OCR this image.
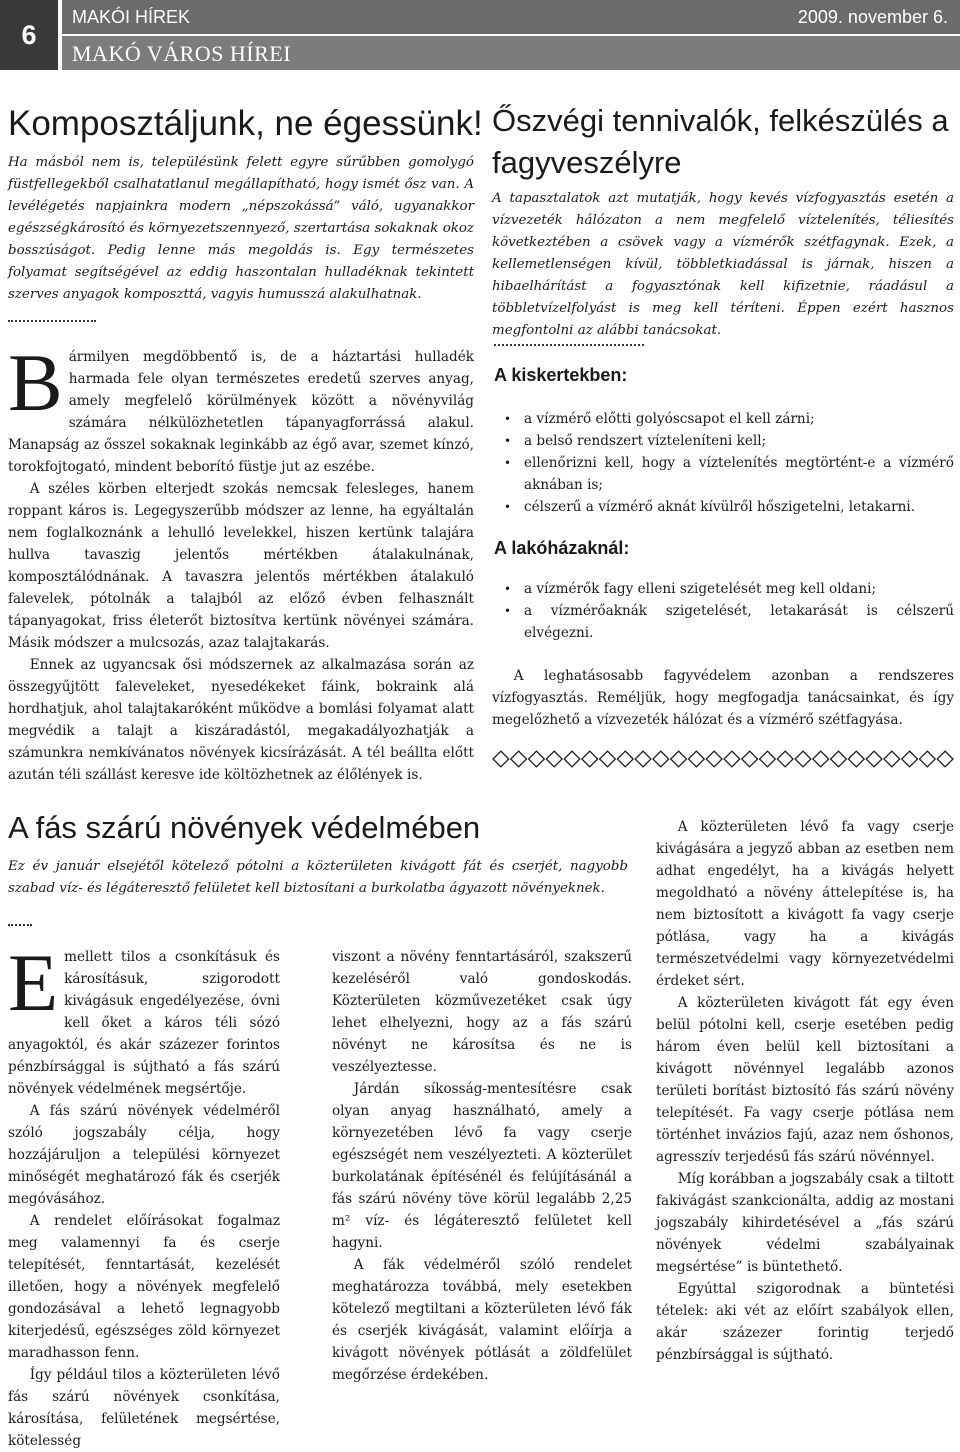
6
MAKÓI HÍREK	2009. november 6.
MAKÓ VÁROS HÍREI
Komposztáljunk, ne égessünk!

Ha másból nem is, településünk felett egyre sűrűbben gomolygó füstfellegekből csalhatatlanul megállapítható, hogy ismét ősz van. A levélégetés napjainkra modern „népszokássá” váló, ugyanakkor egészségkárosító és környezetszennyező, szertartása sokaknak okoz bosszúságot. Pedig lenne más megoldás is. Egy természetes folyamat segítségével az eddig haszontalan hulladéknak tekintett szerves anyagok komposzttá, vagyis humusszá alakulhatnak.

Bármilyen megdöbbentő is, de a háztartási hulladék harmada fele olyan természetes eredetű szerves anyag, amely megfelelő körülmények között a növényvilág számára nélkülözhetetlen tápanyagforrássá alakul. Manapság az ősszel sokaknak leginkább az égő avar, szemet kínzó, torokfojtogató, mindent beborító füstje jut az eszébe.

A széles körben elterjedt szokás nemcsak felesleges, hanem roppant káros is. Legegyszerűbb módszer az lenne, ha egyáltalán nem foglalkoznánk a lehulló levelekkel, hiszen kertünk talajára hullva tavaszig jelentős mértékben átalakulnának, komposztálódnának. A tavaszra jelentős mértékben átalakuló falevelek, pótolnák a talajból az előző évben felhasznált tápanyagokat, friss életerőt biztosítva kertünk növényei számára. Másik módszer a mulcsozás, azaz talajtakarás.

Ennek az ugyancsak ősi módszernek az alkalmazása során az összegyűjtött faleveleket, nyesedékeket fáink, bokraink alá hordhatjuk, ahol talajtakaróként működve a bomlási folyamat alatt megvédik a talajt a kiszáradástól, megakadályozhatják a számunkra nemkívánatos növények kicsírázását. A tél beállta előtt azután téli szállást keresve ide költözhetnek az élőlények is.

Őszvégi tennivalók, felkészülés a fagyveszélyre

A tapasztalatok azt mutatják, hogy kevés vízfogyasztás esetén a vízvezeték hálózaton a nem megfelelő víztelenítés, téliesítés következtében a csövek vagy a vízmérők szétfagynak. Ezek, a kellemetlenségen kívül, többletkiadással is járnak, hiszen a hibaelhárítást a fogyasztónak kell kifizetnie, ráadásul a többletvízelfolyást is meg kell téríteni. Éppen ezért hasznos megfontolni az alábbi tanácsokat.

A kiskertekben:
• a vízmérő előtti golyóscsapot el kell zárni;
• a belső rendszert vízteleníteni kell;
• ellenőrizni kell, hogy a víztelenítés megtörtént-e a vízmérő aknában is;
• célszerű a vízmérő aknát kívülről hőszigetelni, letakarni.
A lakóházaknál:
• a vízmérők fagy elleni szigetelését meg kell oldani;
• a vízmérőaknák szigetelését, letakarását is célszerű elvégezni.

A leghatásosabb fagyvédelem azonban a rendszeres vízfogyasztás. Reméljük, hogy megfogadja tanácsainkat, és így megelőzhető a vízvezeték hálózat és a vízmérő szétfagyása.

A fás szárú növények védelmében

Ez év január elsejétől kötelező pótolni a közterületen kivágott fát és cserjét, nagyobb szabad víz- és légáteresztő felületet kell biztosítani a burkolatba ágyazott növényeknek.

Emellett tilos a csonkításuk és károsításuk, szigorodott kivágásuk engedélyezése, óvni kell őket a káros téli sózó anyagoktól, és akár százezer forintos pénzbírsággal is sújtható a fás szárú növények védelmének megsértője.

A fás szárú növények védelméről szóló jogszabály célja, hogy hozzájáruljon a települési környezet minőségét meghatározó fák és cserjék megóvásához.

A rendelet előírásokat fogalmaz meg valamennyi fa és cserje telepítését, fenntartását, kezelését illetően, hogy a növények megfelelő gondozásával a lehető legnagyobb kiterjedésű, egészséges zöld környezet maradhasson fenn.

Így például tilos a közterületen lévő fás szárú növények csonkítása, károsítása, felületének megsértése, kötelesség

viszont a növény fenntartásáról, szakszerű kezeléséről való gondoskodás. Közterületen közművezetéket csak úgy lehet elhelyezni, hogy az a fás szárú növényt ne károsítsa és ne is veszélyeztesse.

Járdán síkosság-mentesítésre csak olyan anyag használható, amely a környezetében lévő fa vagy cserje egészségét nem veszélyezteti. A közterület burkolatának építésénél és felújításánál a fás szárú növény töve körül legalább 2,25 m² víz- és légáteresztő felületet kell hagyni.

A fák védelméről szóló rendelet meghatározza továbbá, mely esetekben kötelező megtiltani a közterületen lévő fák és cserjék kivágását, valamint előírja a kivágott növények pótlását a zöldfelület megőrzése érdekében.

A közterületen lévő fa vagy cserje kivágására a jegyző abban az esetben nem adhat engedélyt, ha a kivágás helyett megoldható a növény áttelepítése is, ha nem biztosított a kivágott fa vagy cserje pótlása, vagy ha a kivágás természetvédelmi vagy környezetvédelmi érdeket sért.

A közterületen kivágott fát egy éven belül pótolni kell, cserje esetében pedig három éven belül kell biztosítani a kivágott növénnyel legalább azonos területi borítást biztosító fás szárú növény telepítését. Fa vagy cserje pótlása nem történhet invázios fajú, azaz nem őshonos, agresszív terjedésű fás szárú növénnyel.

Míg korábban a jogszabály csak a tiltott fakivágást szankcionálta, addig az mostani jogszabály kihirdetésével a „fás szárú növények védelmi szabályainak megsértése” is büntethető.

Egyúttal szigorodnak a büntetési tételek: aki vét az előírt szabályok ellen, akár százezer forintig terjedő pénzbírsággal is sújtható.
